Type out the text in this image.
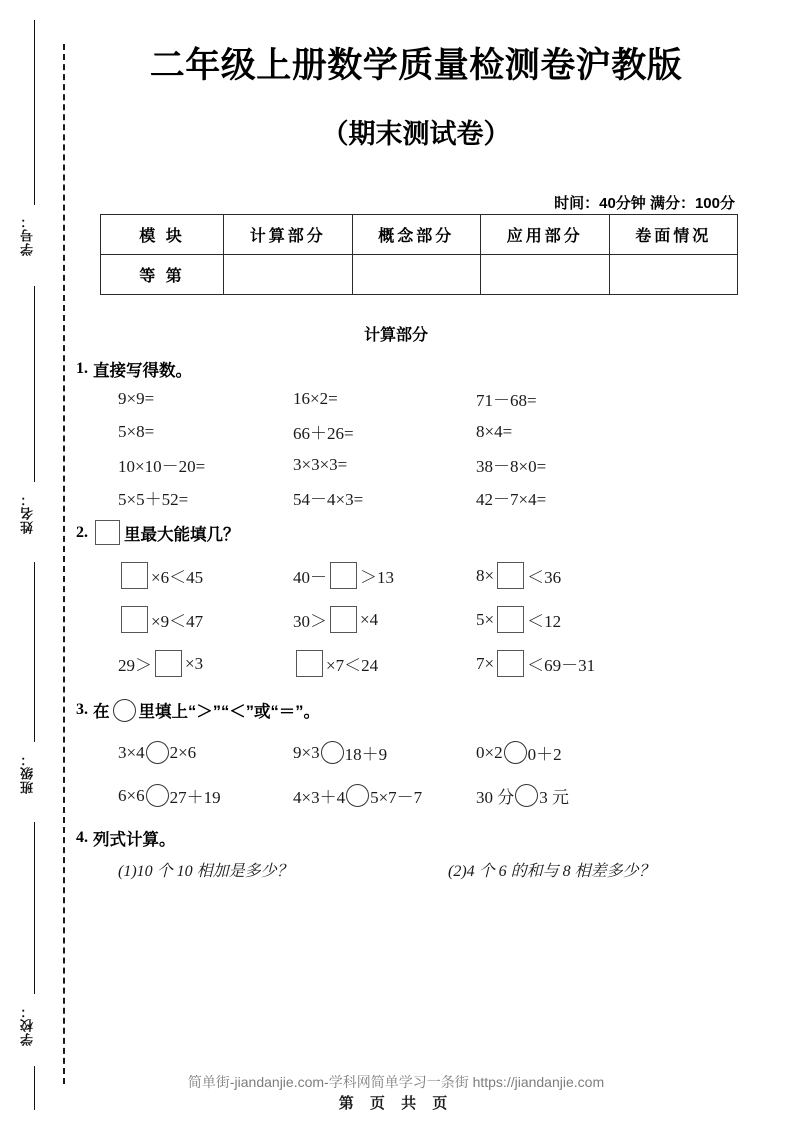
学号：
姓名：
班级：
学校：
二年级上册数学质量检测卷沪教版
（期末测试卷）
时间：40分钟 满分：100分
模 块	计算部分	概念部分	应用部分	卷面情况
等 第				
计算部分
1. 直接写得数。
9×9=	16×2=	71－68=
5×8=	66＋26=	8×4=
10×10－20=	3×3×3=	38－8×0=
5×5＋52=	54－4×3=	42－7×4=
2. 里最大能填几？
×6＜45	40－ ＞13	8× ＜36
×9＜47	30＞ ×4	5× ＜12
29＞ ×3	×7＜24	7× ＜69－31
3. 在 里填上“＞”“＜”或“＝”。
3×4 2×6	9×3 18＋9	0×2 0＋2
6×6 27＋19	4×3＋4 5×7－7	30 分 3 元
4. 列式计算。
(1)10 个 10 相加是多少？	(2)4 个 6 的和与 8 相差多少？
简单街-jiandanjie.com-学科网简单学习一条街 https://jiandanjie.com
第 页 共 页
